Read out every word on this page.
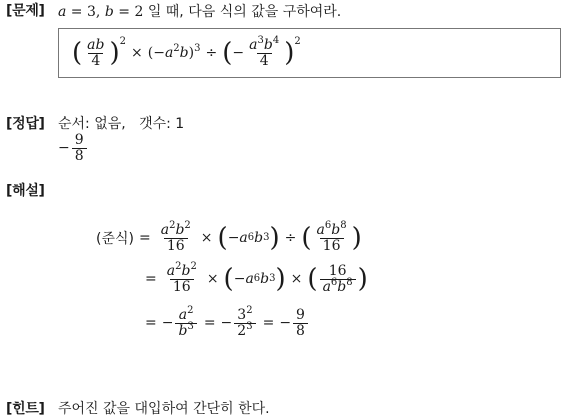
[문제] a = 3, b = 2 일 때, 다음 식의 값을 구하여라.
( $\frac{ab}{4}$ ) 2
× $(-a^2b)^3$ ÷ ( − $\frac{a^3b^4}{4}$ ) 2
[정답] 순서: 없음, 갯수: 1
− $\frac{9}{8}$
[해설]
(준식) = $\frac{a^2b^2}{16}$ × ( − a 6 b 3 ) ÷ ( $\frac{a^6b^8}{16}$ )
= $\frac{a^2b^2}{16}$ × ( − a 6 b 3 ) × ( $\frac{16}{a^6b^8}$ )
= − $\frac{a^2}{b^3}$ = − $\frac{3^2}{2^3}$ = − $\frac{9}{8}$
[힌트] 주어진 값을 대입하여 간단히 한다.
